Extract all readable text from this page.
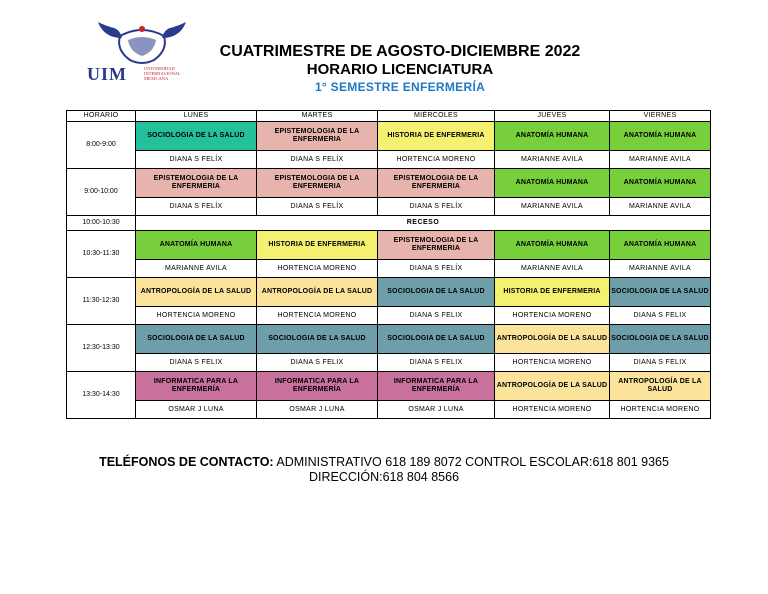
UIM	UNIVERSIDAD
INTERNACIONAL
MEXICANA
CUATRIMESTRE DE AGOSTO-DICIEMBRE 2022
HORARIO LICENCIATURA
1° SEMESTRE ENFERMERÍA
HORARIO	LUNES	MARTES	MIÉRCOLES	JUEVES	VIERNES
8:00-9:00	SOCIOLOGIA DE LA SALUD	EPISTEMOLOGIA DE LA ENFERMERIA	HISTORIA DE ENFERMERIA	ANATOMÍA HUMANA	ANATOMÍA HUMANA
	DIANA S FELÍX	DIANA S FELÍX	HORTENCIA MORENO	MARIANNE AVILA	MARIANNE AVILA
9:00-10:00	EPISTEMOLOGIA DE LA ENFERMERIA	EPISTEMOLOGIA DE LA ENFERMERIA	EPISTEMOLOGIA DE LA ENFERMERIA	ANATOMÍA HUMANA	ANATOMÍA HUMANA
	DIANA S FELÍX	DIANA S FELÍX	DIANA S FELÍX	MARIANNE AVILA	MARIANNE AVILA
10:00-10:30	RECESO				
10:30-11:30	ANATOMÍA HUMANA	HISTORIA DE ENFERMERIA	EPISTEMOLOGIA DE LA ENFERMERIA	ANATOMÍA HUMANA	ANATOMÍA HUMANA
	MARIANNE AVILA	HORTENCIA MORENO	DIANA S FELÍX	MARIANNE AVILA	MARIANNE AVILA
11:30-12:30	ANTROPOLOGÍA DE LA SALUD	ANTROPOLOGÍA DE LA SALUD	SOCIOLOGIA DE LA SALUD	HISTORIA DE ENFERMERIA	SOCIOLOGIA DE LA SALUD
	HORTENCIA MORENO	HORTENCIA MORENO	DIANA S FELIX	HORTENCIA MORENO	DIANA S FELIX
12:30-13:30	SOCIOLOGIA DE LA SALUD	SOCIOLOGIA DE LA SALUD	SOCIOLOGIA DE LA SALUD	ANTROPOLOGÍA DE LA SALUD	SOCIOLOGIA DE LA SALUD
	DIANA S FELIX	DIANA S FELIX	DIANA S FELIX	HORTENCIA MORENO	DIANA S FELIX
13:30-14:30	INFORMATICA PARA LA ENFERMERÍA	INFORMATICA PARA LA ENFERMERÍA	INFORMATICA PARA LA ENFERMERÍA	ANTROPOLOGÍA DE LA SALUD	ANTROPOLOGÍA DE LA SALUD
	OSMAR J LUNA	OSMAR J LUNA	OSMAR J LUNA	HORTENCIA MORENO	HORTENCIA MORENO
TELÉFONOS DE CONTACTO: ADMINISTRATIVO 618 189 8072 CONTROL ESCOLAR:618 801 9365
DIRECCIÓN:618 804 8566
